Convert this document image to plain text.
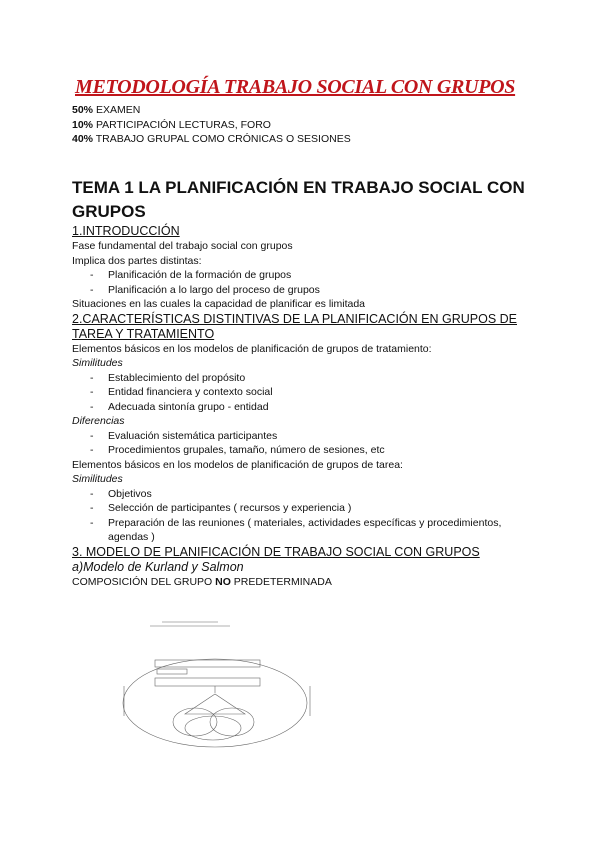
METODOLOGÍA TRABAJO SOCIAL CON GRUPOS
50% EXAMEN
10% PARTICIPACIÓN LECTURAS, FORO
40% TRABAJO GRUPAL COMO CRÓNICAS O SESIONES
TEMA 1 LA PLANIFICACIÓN EN TRABAJO SOCIAL CON GRUPOS
1.INTRODUCCIÓN
Fase fundamental del trabajo social con grupos
Implica dos partes distintas:
- Planificación de la formación de grupos
- Planificación a lo largo del proceso de grupos
Situaciones en las cuales la capacidad de planificar es limitada
2.CARACTERÍSTICAS DISTINTIVAS DE LA PLANIFICACIÓN EN GRUPOS DE TAREA Y TRATAMIENTO
Elementos básicos en los modelos de planificación de grupos de tratamiento:
Similitudes
- Establecimiento del propósito
- Entidad financiera y contexto social
- Adecuada sintonía grupo - entidad
Diferencias
- Evaluación sistemática participantes
- Procedimientos grupales, tamaño, número de sesiones, etc
Elementos básicos en los modelos de planificación de grupos de tarea:
Similitudes
- Objetivos
- Selección de participantes ( recursos y experiencia )
- Preparación de las reuniones ( materiales, actividades específicas y procedimientos, agendas )
3. MODELO DE PLANIFICACIÓN DE TRABAJO SOCIAL CON GRUPOS
a)Modelo de Kurland y Salmon
COMPOSICIÓN DEL GRUPO NO PREDETERMINADA
